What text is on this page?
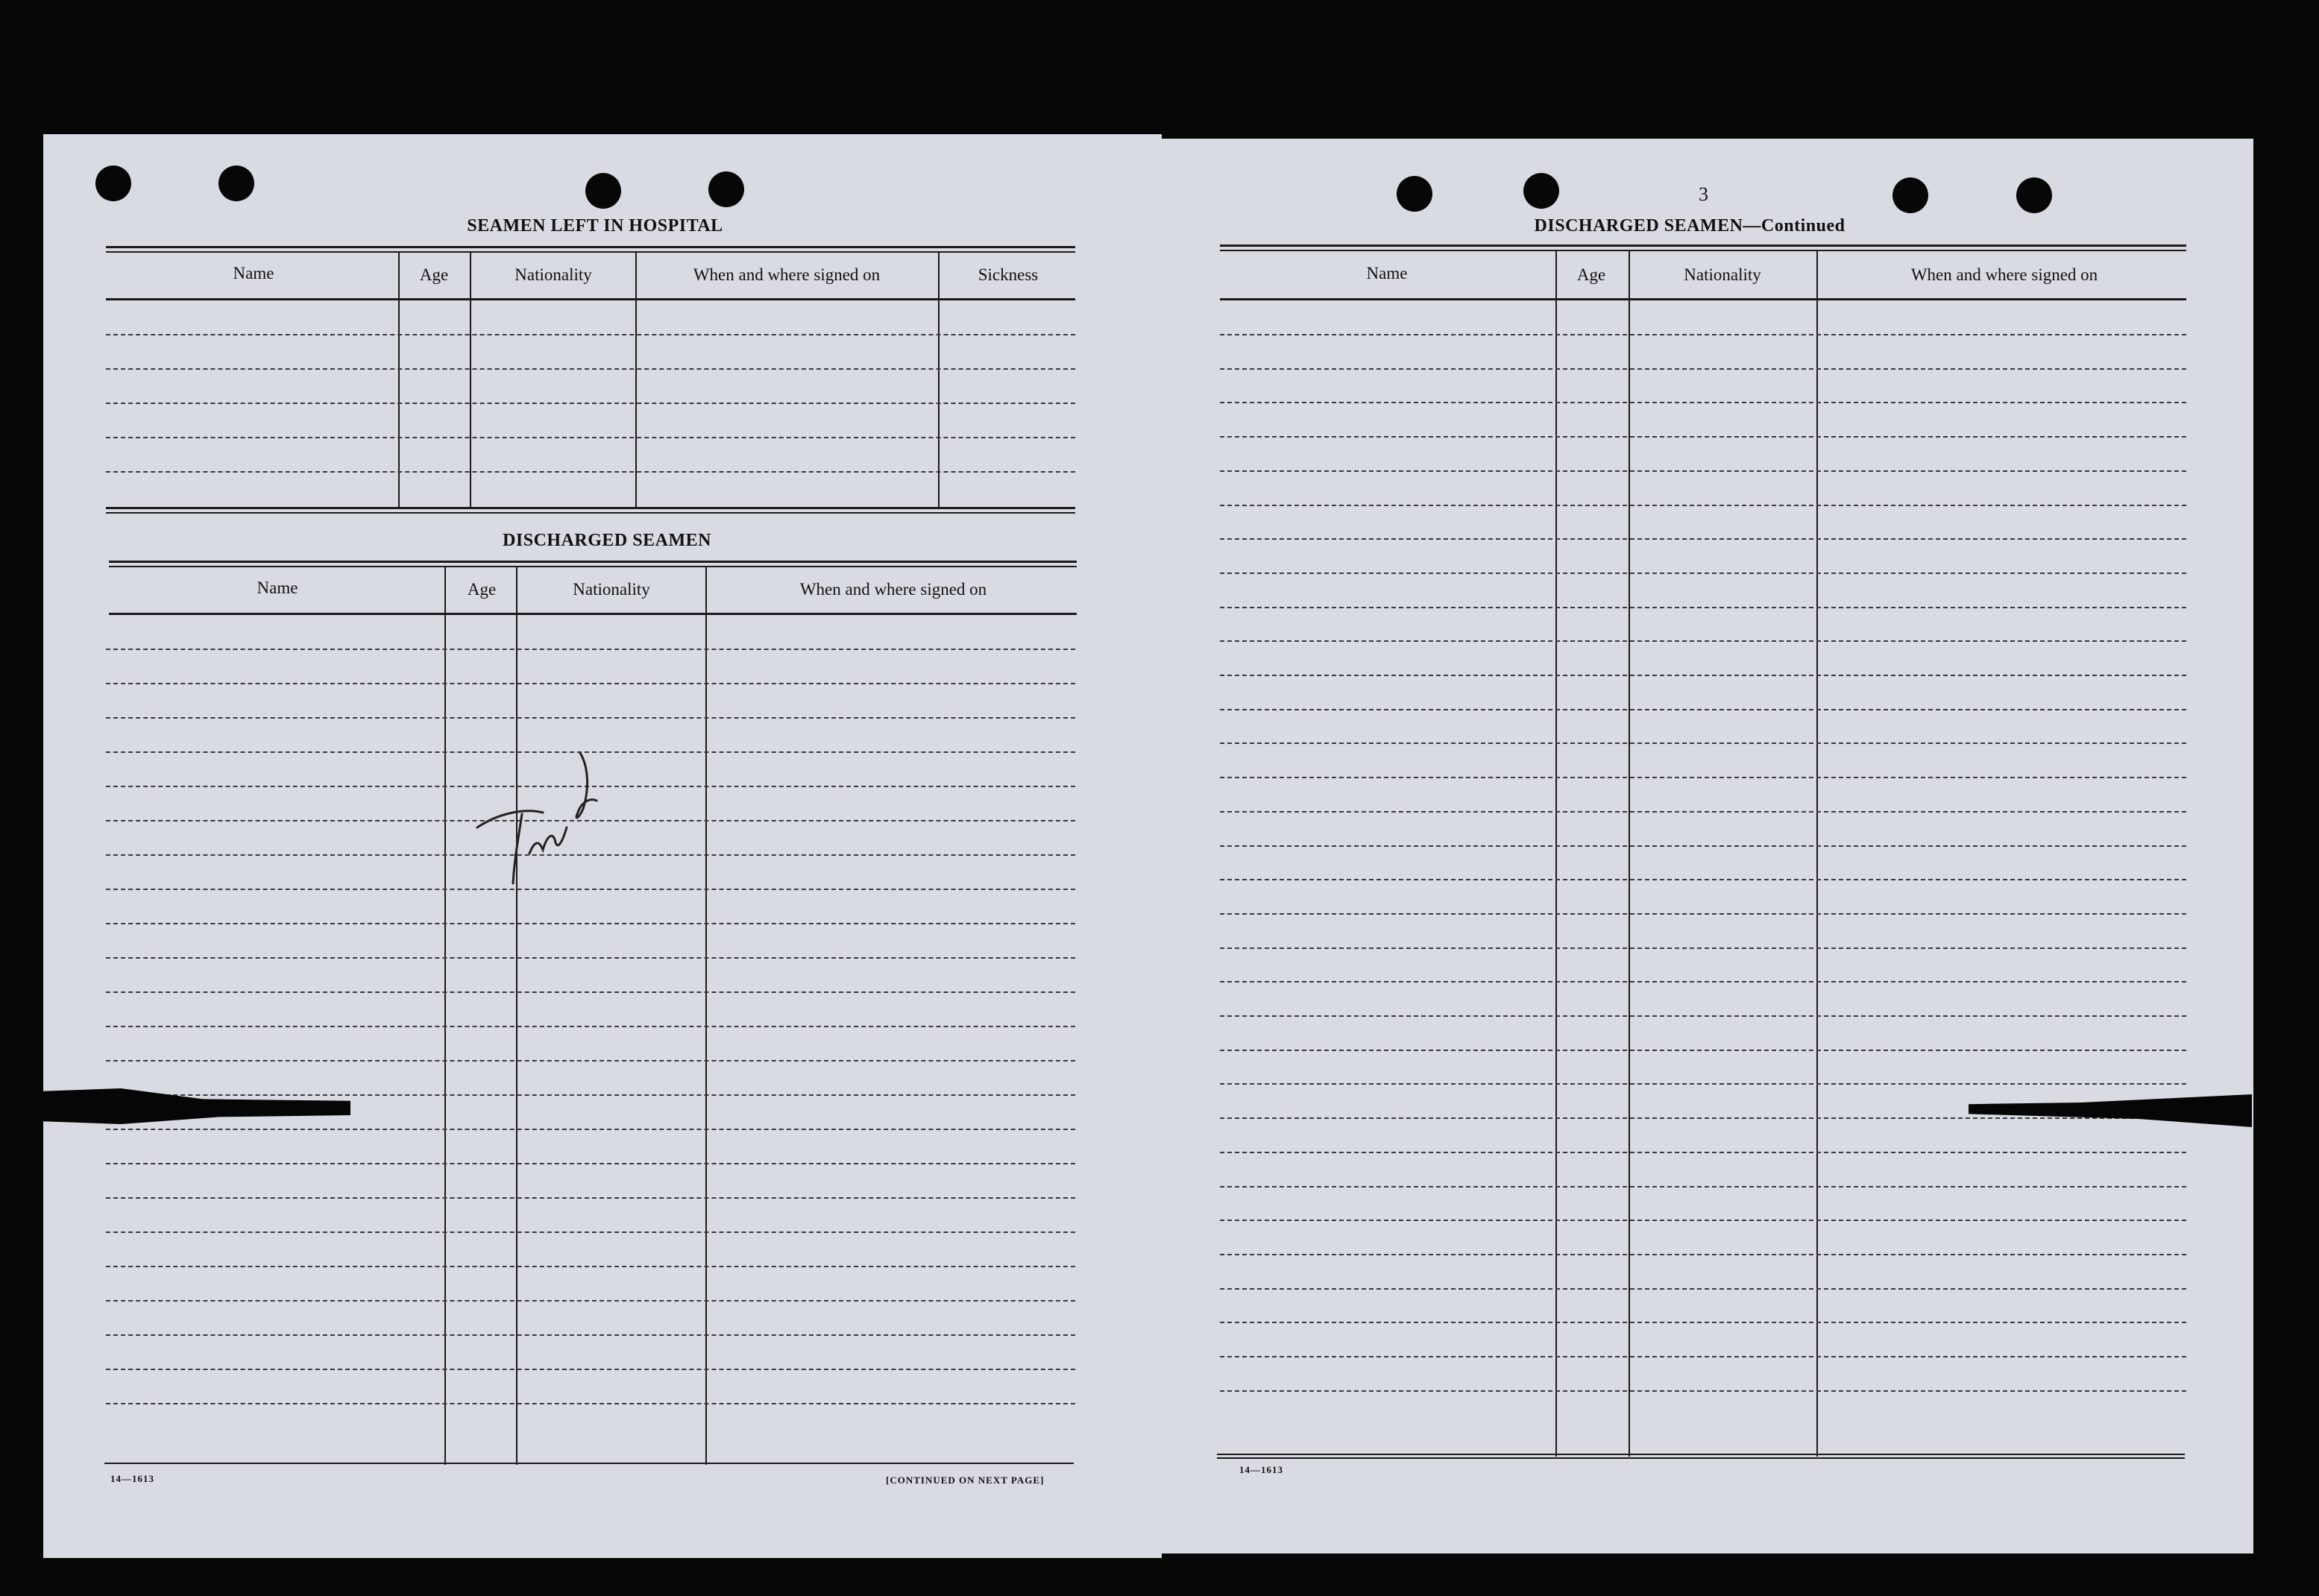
SEAMEN LEFT IN HOSPITAL
Name	Age	Nationality	When and where signed on	Sickness
DISCHARGED SEAMEN
Name	Age	Nationality	When and where signed on
14—1613	[CONTINUED ON NEXT PAGE]
3
DISCHARGED SEAMEN—Continued
Name	Age	Nationality	When and where signed on
14—1613
